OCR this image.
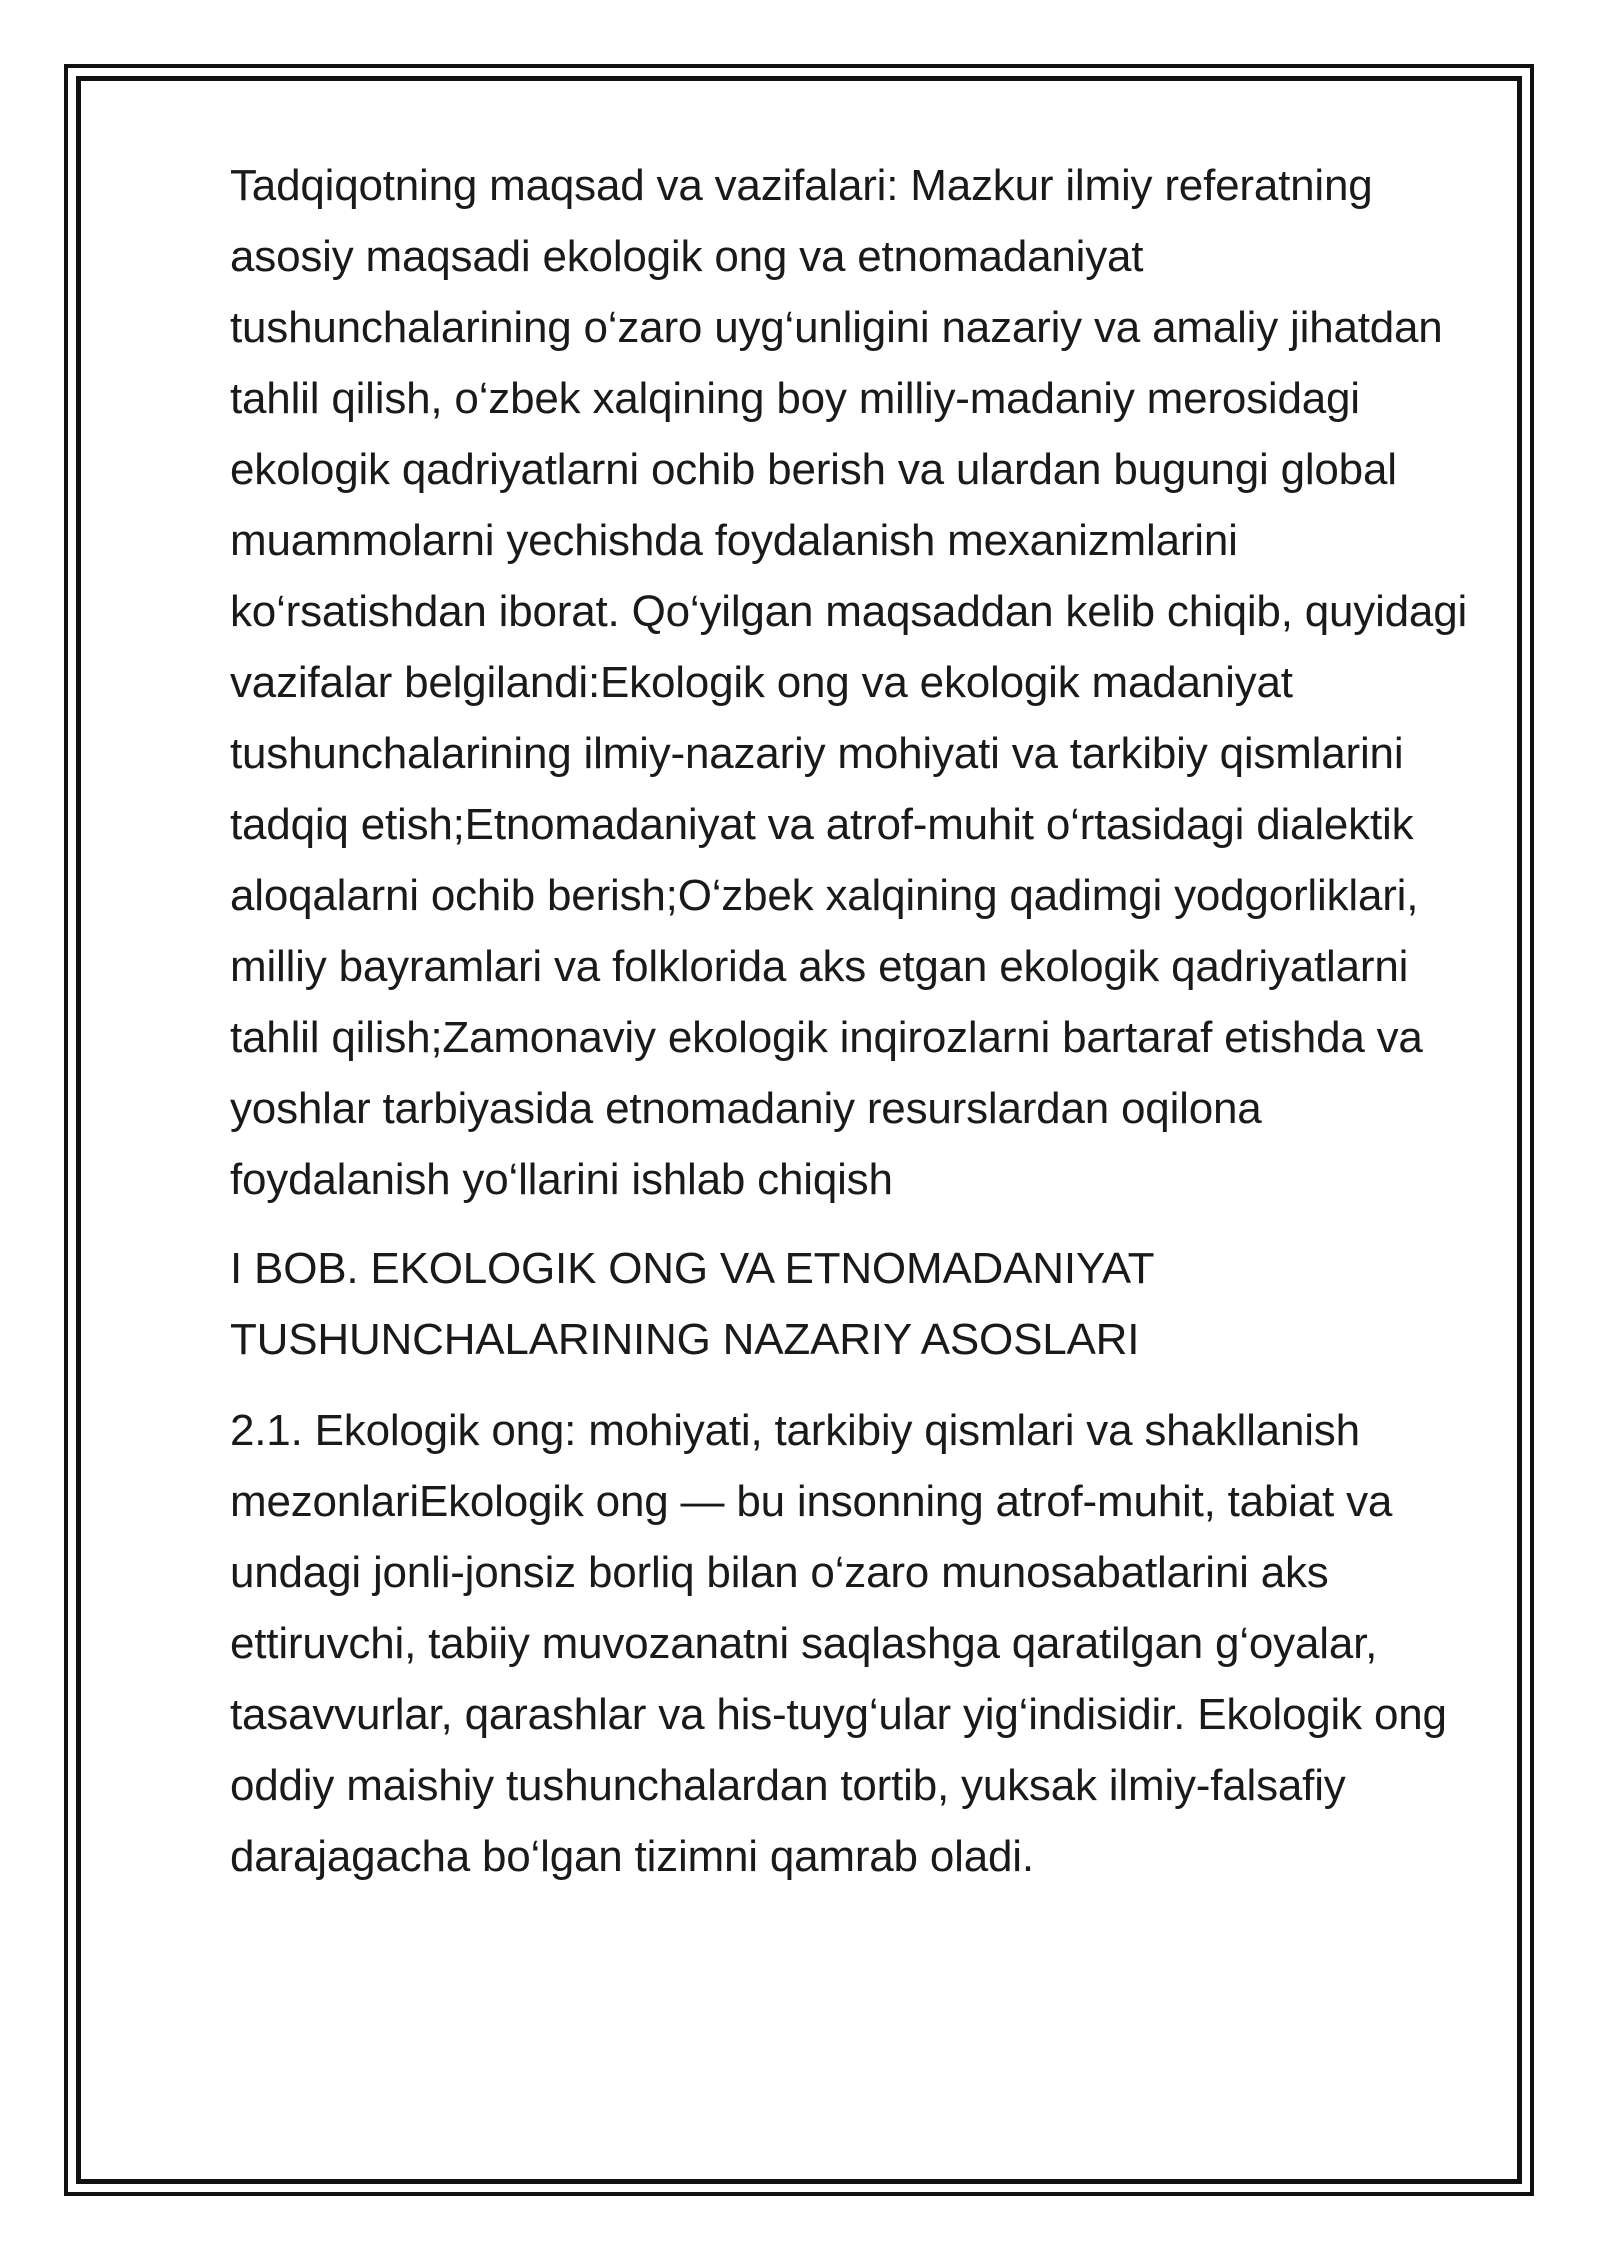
Tadqiqotning maqsad va vazifalari: Mazkur ilmiy referatning asosiy maqsadi ekologik ong va etnomadaniyat tushunchalarining o‘zaro uyg‘unligini nazariy va amaliy jihatdan tahlil qilish, o‘zbek xalqining boy milliy-madaniy merosidagi ekologik qadriyatlarni ochib berish va ulardan bugungi global muammolarni yechishda foydalanish mexanizmlarini ko‘rsatishdan iborat. Qo‘yilgan maqsaddan kelib chiqib, quyidagi vazifalar belgilandi:Ekologik ong va ekologik madaniyat tushunchalarining ilmiy-nazariy mohiyati va tarkibiy qismlarini tadqiq etish;Etnomadaniyat va atrof-muhit o‘rtasidagi dialektik aloqalarni ochib berish;O‘zbek xalqining qadimgi yodgorliklari, milliy bayramlari va folklorida aks etgan ekologik qadriyatlarni tahlil qilish;Zamonaviy ekologik inqirozlarni bartaraf etishda va yoshlar tarbiyasida etnomadaniy resurslardan oqilona foydalanish yo‘llarini ishlab chiqish

I BOB. EKOLOGIK ONG VA ETNOMADANIYAT TUSHUNCHALARINING NAZARIY ASOSLARI

2.1. Ekologik ong: mohiyati, tarkibiy qismlari va shakllanish mezonlariEkologik ong — bu insonning atrof-muhit, tabiat va undagi jonli-jonsiz borliq bilan o‘zaro munosabatlarini aks ettiruvchi, tabiiy muvozanatni saqlashga qaratilgan g‘oyalar, tasavvurlar, qarashlar va his-tuyg‘ular yig‘indisidir. Ekologik ong oddiy maishiy tushunchalardan tortib, yuksak ilmiy-falsafiy darajagacha bo‘lgan tizimni qamrab oladi.
